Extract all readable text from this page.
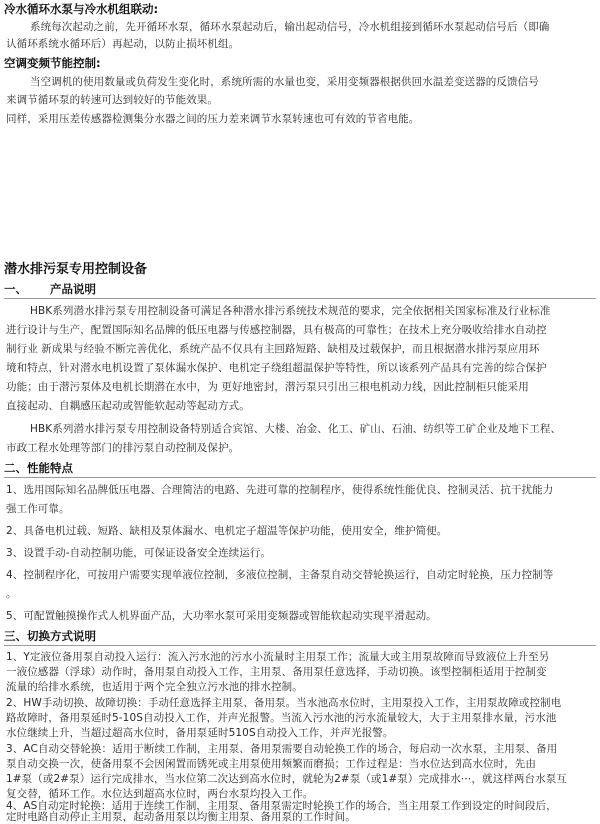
冷水循环水泵与冷水机组联动:
系统每次起动之前，先开循环水泵，循环水泵起动后，输出起动信号，冷水机组接到循环水泵起动信号后（即确
认循环系统水循环后）再起动，以防止损坏机组。
空调变频节能控制:
当空调机的使用数量或负荷发生变化时，系统所需的水量也变，采用变频器根据供回水温差变送器的反馈信号
来调节循环泵的转速可达到较好的节能效果。
同样，采用压差传感器检测集分水器之间的压力差来调节水泵转速也可有效的节省电能。
潜水排污泵专用控制设备
一、 产品说明
HBK系列潜水排污泵专用控制设备可满足各种潜水排污系统技术规范的要求，完全依据相关国家标准及行业标准
进行设计与生产，配置国际知名品牌的低压电器与传感控制器，具有极高的可靠性；在技术上充分吸收给排水自动控
制行业 新成果与经验不断完善优化，系统产品不仅具有主回路短路、缺相及过载保护，而且根据潜水排污泵应用环
境和特点，针对潜水电机设置了泵体漏水保护、电机定子绕组超温保护等特性，所以该系列产品具有完善的综合保护
功能；由于潜污泵体及电机长期潜在水中，为 更好地密封，潜污泵只引出三根电机动力线，因此控制柜只能采用
直接起动、自耦感压起动或智能软起动等起动方式。
HBK系列潜水排污泵专用控制设备特别适合宾馆、大楼、冶金、化工、矿山、石油、纺织等工矿企业及地下工程、
市政工程水处理等部门的排污泵自动控制及保护。
二、性能特点
1、选用国际知名品牌低压电器、合理简洁的电路、先进可靠的控制程序，使得系统性能优良、控制灵活、抗干扰能力
强工作可靠。
2、具备电机过载、短路、缺相及泵体漏水、电机定子超温等保护功能，使用安全，维护简便。
3、设置手动-自动控制功能，可保证设备安全连续运行。
4、控制程序化，可按用户需要实现单液位控制，多液位控制，主备泵自动交替轮换运行，自动定时轮换，压力控制等
。
5、可配置触摸操作式人机界面产品，大功率水泵可采用变频器或智能软起动实现平滑起动。
三、切换方式说明
1、Y定液位备用泵自动投入运行：流入污水池的污水小流量时主用泵工作；流量大或主用泵故障而导致液位上升至另
一液位感器（浮球）动作时，备用泵自动投入工作，主用泵、备用泵任意选择，手动切换。该型控制柜适用于控制变
流量的给排水系统，也适用于两个完全独立污水池的排水控制。
2、HW手动切换、故障切换：手动任意选择主用泵、备用泵。当水池高水位时，主用泵投入工作，主用泵故障或控制电
路故障时，备用泵延时5-10S自动投入工作，并声光报警。当流入污水池的污水流量较大，大于主用泵排水量，污水池
水位继续上升，当超过超高水位时，备用泵延时510S自动投入工作，并声光报警。
3、AC自动交替轮换：适用于断续工作制，主用泵、备用泵需要自动轮换工作的场合，每启动一次水泵，主用泵、备用
泵自动交换一次，使备用泵不会因闲置而锈死或主用泵使用频繁而磨损；工作过程是：当水位达到高水位时，先由
1#泵（或2#泵）运行完成排水，当水位第二次达到高水位时，就轮为2#泵（或1#泵）完成排水⋯，就这样两台水泵互
复交替，循环工作。水位达到超高水位时，两台水泵均投入工作。
4、AS自动定时轮换：适用于连续工作制，主用泵、备用泵需定时轮换工作的场合，当主用泵工作到设定的时间段后，
定时电路自动停止主用泵，起动备用泵以均衡主用泵、备用泵的工作时间。
